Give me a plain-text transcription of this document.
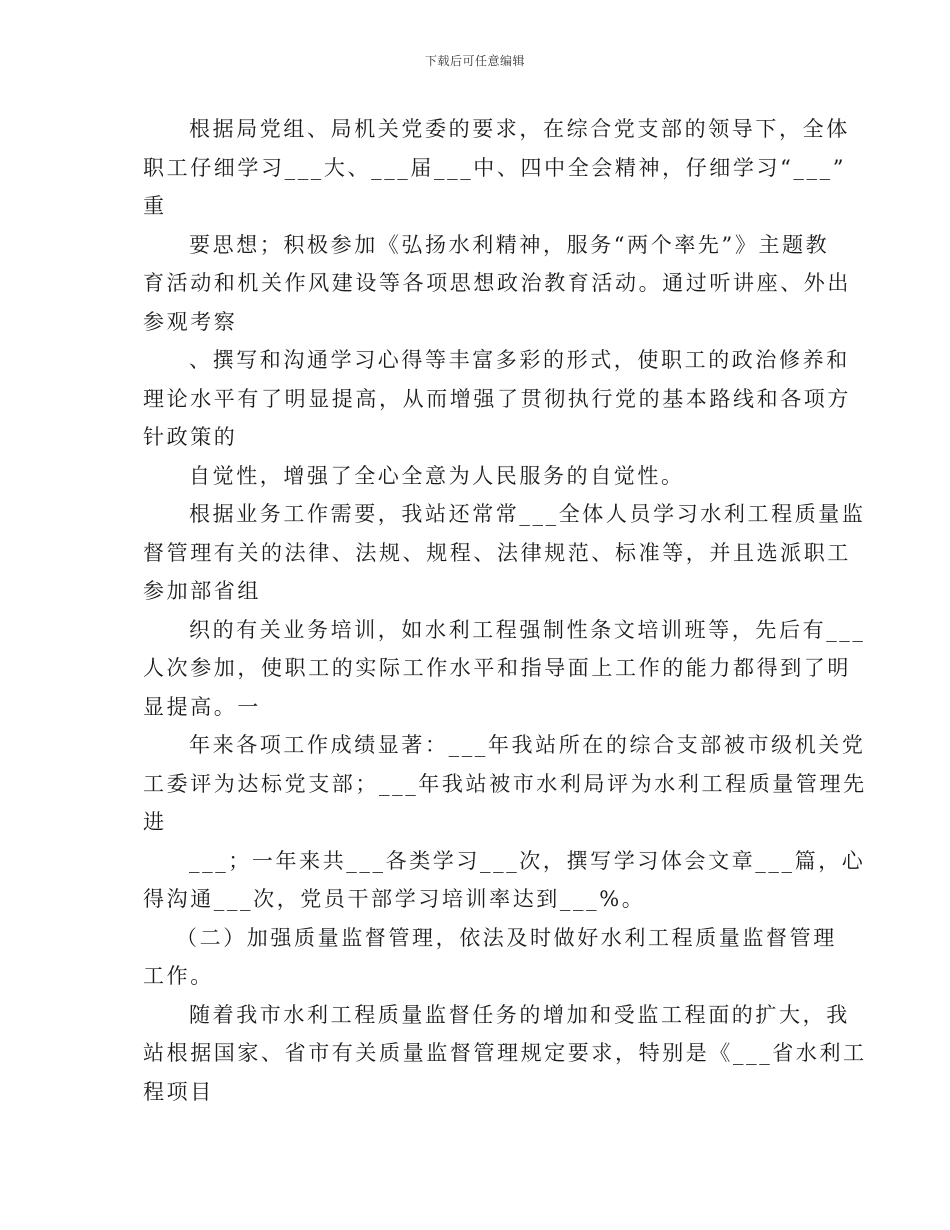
下载后可任意编辑
根据局党组、局机关党委的要求，在综合党支部的领导下，全体
职工仔细学习___大、___届___中、四中全会精神，仔细学习“___”
重
要思想；积极参加《弘扬水利精神，服务“两个率先”》主题教
育活动和机关作风建设等各项思想政治教育活动。通过听讲座、外出
参观考察
、撰写和沟通学习心得等丰富多彩的形式，使职工的政治修养和
理论水平有了明显提高，从而增强了贯彻执行党的基本路线和各项方
针政策的
自觉性，增强了全心全意为人民服务的自觉性。
根据业务工作需要，我站还常常___全体人员学习水利工程质量监
督管理有关的法律、法规、规程、法律规范、标准等，并且选派职工
参加部省组
织的有关业务培训，如水利工程强制性条文培训班等，先后有___
人次参加，使职工的实际工作水平和指导面上工作的能力都得到了明
显提高。一
年来各项工作成绩显著：___年我站所在的综合支部被市级机关党
工委评为达标党支部；___年我站被市水利局评为水利工程质量管理先
进
___；一年来共___各类学习___次，撰写学习体会文章___篇，心
得沟通___次，党员干部学习培训率达到___%。
（二）加强质量监督管理，依法及时做好水利工程质量监督管理
工作。
随着我市水利工程质量监督任务的增加和受监工程面的扩大，我
站根据国家、省市有关质量监督管理规定要求，特别是《___省水利工
程项目
